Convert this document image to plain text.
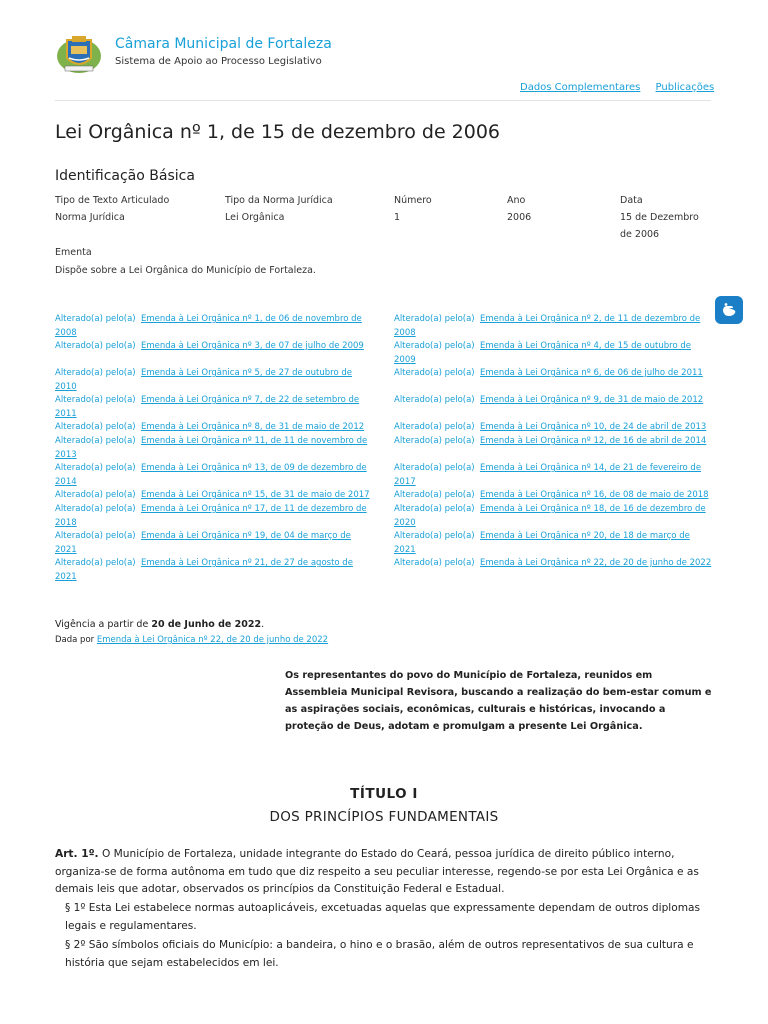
Câmara Municipal de Fortaleza
Sistema de Apoio ao Processo Legislativo
Dados Complementares Publicações
Lei Orgânica nº 1, de 15 de dezembro de 2006
Identificação Básica
Tipo de Texto Articulado
Norma Jurídica
Tipo da Norma Jurídica
Lei Orgânica
Número
1
Ano
2006
Data
15 de Dezembro
de 2006
Ementa
Dispõe sobre a Lei Orgânica do Município de Fortaleza.
Alterado(a) pelo(a) Emenda à Lei Orgânica nº 1, de 06 de novembro de 2008
Alterado(a) pelo(a) Emenda à Lei Orgânica nº 3, de 07 de julho de 2009
Alterado(a) pelo(a) Emenda à Lei Orgânica nº 5, de 27 de outubro de 2010
Alterado(a) pelo(a) Emenda à Lei Orgânica nº 7, de 22 de setembro de 2011
Alterado(a) pelo(a) Emenda à Lei Orgânica nº 8, de 31 de maio de 2012
Alterado(a) pelo(a) Emenda à Lei Orgânica nº 11, de 11 de novembro de 2013
Alterado(a) pelo(a) Emenda à Lei Orgânica nº 13, de 09 de dezembro de 2014
Alterado(a) pelo(a) Emenda à Lei Orgânica nº 15, de 31 de maio de 2017
Alterado(a) pelo(a) Emenda à Lei Orgânica nº 17, de 11 de dezembro de 2018
Alterado(a) pelo(a) Emenda à Lei Orgânica nº 19, de 04 de março de 2021
Alterado(a) pelo(a) Emenda à Lei Orgânica nº 21, de 27 de agosto de 2021
Alterado(a) pelo(a) Emenda à Lei Orgânica nº 2, de 11 de dezembro de 2008
Alterado(a) pelo(a) Emenda à Lei Orgânica nº 4, de 15 de outubro de 2009
Alterado(a) pelo(a) Emenda à Lei Orgânica nº 6, de 06 de julho de 2011
Alterado(a) pelo(a) Emenda à Lei Orgânica nº 9, de 31 de maio de 2012
Alterado(a) pelo(a) Emenda à Lei Orgânica nº 10, de 24 de abril de 2013
Alterado(a) pelo(a) Emenda à Lei Orgânica nº 12, de 16 de abril de 2014
Alterado(a) pelo(a) Emenda à Lei Orgânica nº 14, de 21 de fevereiro de 2017
Alterado(a) pelo(a) Emenda à Lei Orgânica nº 16, de 08 de maio de 2018
Alterado(a) pelo(a) Emenda à Lei Orgânica nº 18, de 16 de dezembro de 2020
Alterado(a) pelo(a) Emenda à Lei Orgânica nº 20, de 18 de março de 2021
Alterado(a) pelo(a) Emenda à Lei Orgânica nº 22, de 20 de junho de 2022
Vigência a partir de 20 de Junho de 2022.
Dada por Emenda à Lei Orgânica nº 22, de 20 de junho de 2022
Os representantes do povo do Município de Fortaleza, reunidos em Assembleia Municipal Revisora, buscando a realização do bem-estar comum e as aspirações sociais, econômicas, culturais e históricas, invocando a proteção de Deus, adotam e promulgam a presente Lei Orgânica.
TÍTULO I
DOS PRINCÍPIOS FUNDAMENTAIS
Art. 1º. O Município de Fortaleza, unidade integrante do Estado do Ceará, pessoa jurídica de direito público interno, organiza-se de forma autônoma em tudo que diz respeito a seu peculiar interesse, regendo-se por esta Lei Orgânica e as demais leis que adotar, observados os princípios da Constituição Federal e Estadual.
§ 1º Esta Lei estabelece normas autoaplicáveis, excetuadas aquelas que expressamente dependam de outros diplomas legais e regulamentares.
§ 2º São símbolos oficiais do Município: a bandeira, o hino e o brasão, além de outros representativos de sua cultura e história que sejam estabelecidos em lei.
